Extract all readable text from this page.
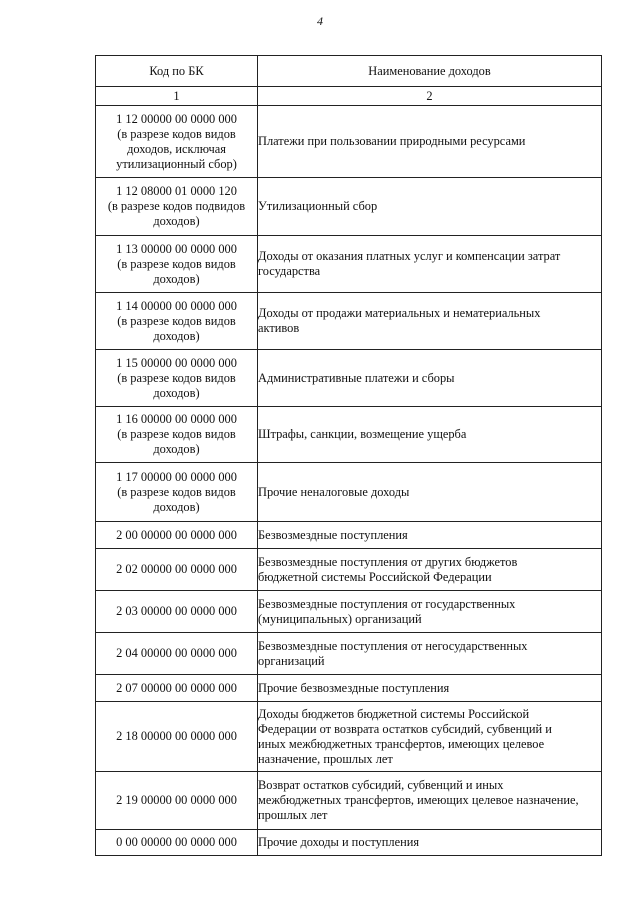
4
Код по БК	Наименование доходов
1	2

1 12 00000 00 0000 000
(в разрезе кодов видов
доходов, исключая
утилизационный сбор)	Платежи при пользовании природными ресурсами

1 12 08000 01 0000 120
(в разрезе кодов подвидов
доходов)	Утилизационный сбор

1 13 00000 00 0000 000
(в разрезе кодов видов
доходов)	Доходы от оказания платных услуг и компенсации затрат
государства

1 14 00000 00 0000 000
(в разрезе кодов видов
доходов)	Доходы от продажи материальных и нематериальных
активов

1 15 00000 00 0000 000
(в разрезе кодов видов
доходов)	Административные платежи и сборы

1 16 00000 00 0000 000
(в разрезе кодов видов
доходов)	Штрафы, санкции, возмещение ущерба

1 17 00000 00 0000 000
(в разрезе кодов видов
доходов)	Прочие неналоговые доходы

2 00 00000 00 0000 000	Безвозмездные поступления

2 02 00000 00 0000 000	Безвозмездные поступления от других бюджетов
бюджетной системы Российской Федерации

2 03 00000 00 0000 000	Безвозмездные поступления от государственных
(муниципальных) организаций

2 04 00000 00 0000 000	Безвозмездные поступления от негосударственных
организаций

2 07 00000 00 0000 000	Прочие безвозмездные поступления

2 18 00000 00 0000 000	Доходы бюджетов бюджетной системы Российской
Федерации от возврата остатков субсидий, субвенций и
иных межбюджетных трансфертов, имеющих целевое
назначение, прошлых лет

2 19 00000 00 0000 000	Возврат остатков субсидий, субвенций и иных
межбюджетных трансфертов, имеющих целевое назначение,
прошлых лет

0 00 00000 00 0000 000	Прочие доходы и поступления
